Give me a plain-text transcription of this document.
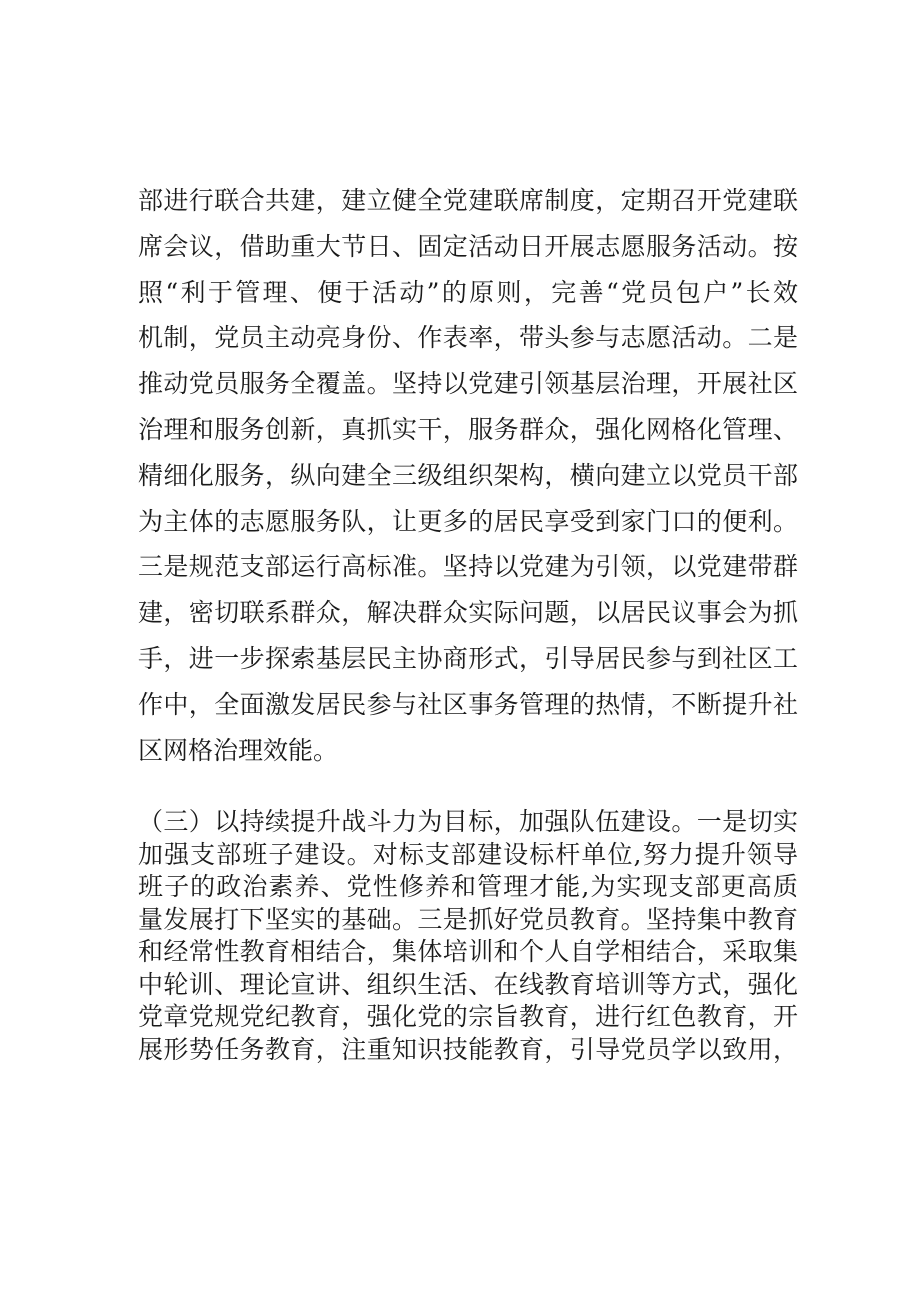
部进行联合共建，建立健全党建联席制度，定期召开党建联
席会议，借助重大节日、固定活动日开展志愿服务活动。按
照“利于管理、便于活动”的原则，完善“党员包户”长效
机制，党员主动亮身份、作表率，带头参与志愿活动。二是
推动党员服务全覆盖。坚持以党建引领基层治理，开展社区
治理和服务创新，真抓实干，服务群众，强化网格化管理、
精细化服务，纵向建全三级组织架构，横向建立以党员干部
为主体的志愿服务队，让更多的居民享受到家门口的便利。
三是规范支部运行高标准。坚持以党建为引领，以党建带群
建，密切联系群众，解决群众实际问题，以居民议事会为抓
手，进一步探索基层民主协商形式，引导居民参与到社区工
作中，全面激发居民参与社区事务管理的热情，不断提升社
区网格治理效能。
（三）以持续提升战斗力为目标，加强队伍建设。一是切实
加强支部班子建设。对标支部建设标杆单位,努力提升领导
班子的政治素养、党性修养和管理才能,为实现支部更高质
量发展打下坚实的基础。三是抓好党员教育。坚持集中教育
和经常性教育相结合，集体培训和个人自学相结合，采取集
中轮训、理论宣讲、组织生活、在线教育培训等方式，强化
党章党规党纪教育，强化党的宗旨教育，进行红色教育，开
展形势任务教育，注重知识技能教育，引导党员学以致用，
